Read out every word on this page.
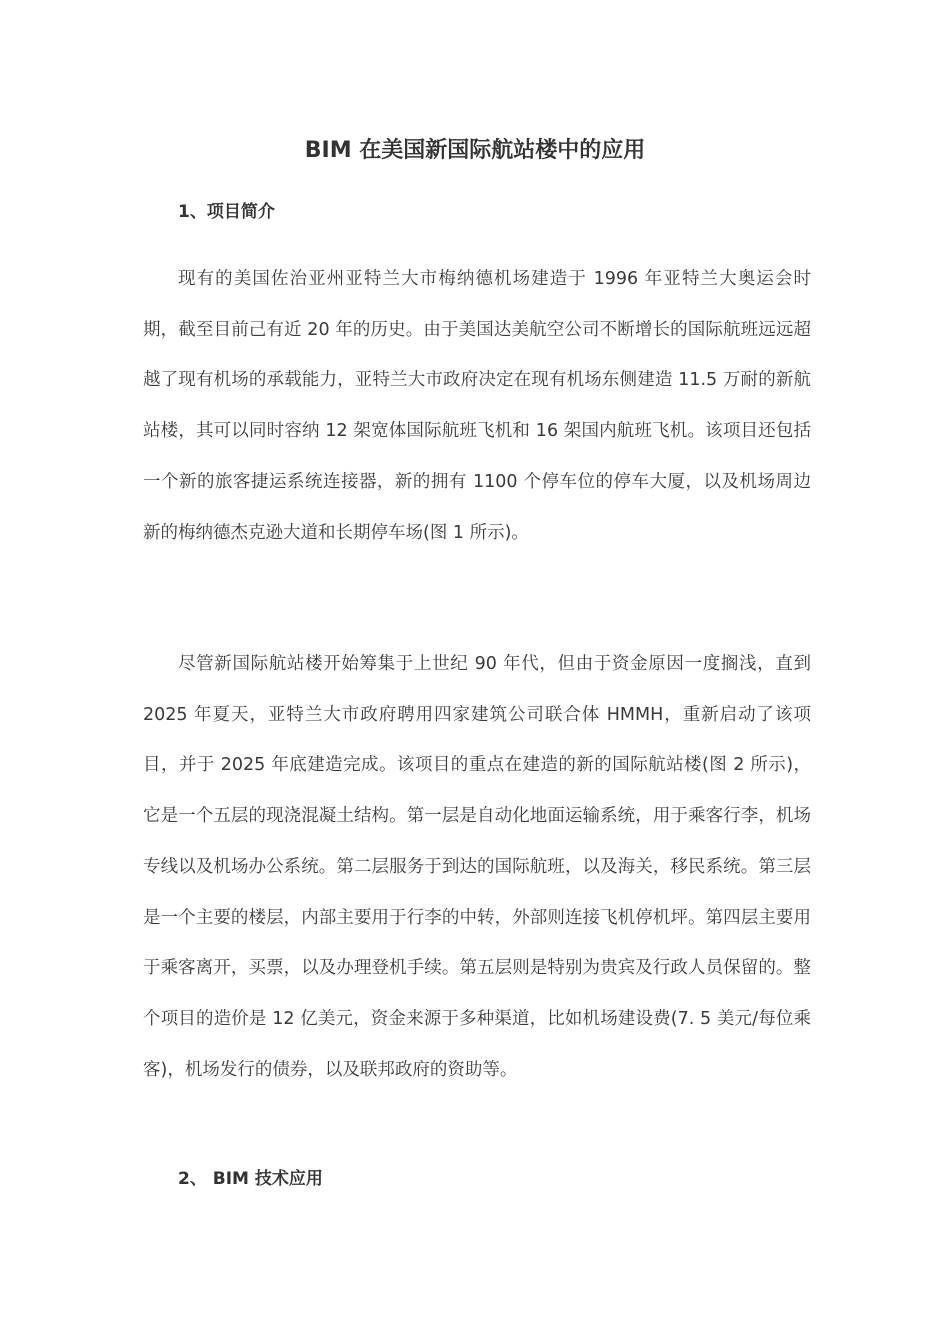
BIM 在美国新国际航站楼中的应用
1、项目简介

现有的美国佐治亚州亚特兰大市梅纳德机场建造于 1996 年亚特兰大奥运会时期，截至目前己有近 20 年的历史。由于美国达美航空公司不断增长的国际航班远远超越了现有机场的承载能力，亚特兰大市政府决定在现有机场东侧建造 11.5 万耐的新航站楼，其可以同时容纳 12 架宽体国际航班飞机和 16 架国内航班飞机。该项目还包括一个新的旅客捷运系统连接器，新的拥有 1100 个停车位的停车大厦，以及机场周边新的梅纳德杰克逊大道和长期停车场(图 1 所示)。

尽管新国际航站楼开始筹集于上世纪 90 年代，但由于资金原因一度搁浅，直到 2025 年夏天，亚特兰大市政府聘用四家建筑公司联合体 HMMH，重新启动了该项目，并于 2025 年底建造完成。该项目的重点在建造的新的国际航站楼(图 2 所示)，它是一个五层的现浇混凝土结构。第一层是自动化地面运输系统，用于乘客行李，机场专线以及机场办公系统。第二层服务于到达的国际航班，以及海关，移民系统。第三层是一个主要的楼层，内部主要用于行李的中转，外部则连接飞机停机坪。第四层主要用于乘客离开，买票，以及办理登机手续。第五层则是特别为贵宾及行政人员保留的。整个项目的造价是 12 亿美元，资金来源于多种渠道，比如机场建设费(7. 5 美元/每位乘客)，机场发行的债券，以及联邦政府的资助等。

2、 BIM 技术应用
